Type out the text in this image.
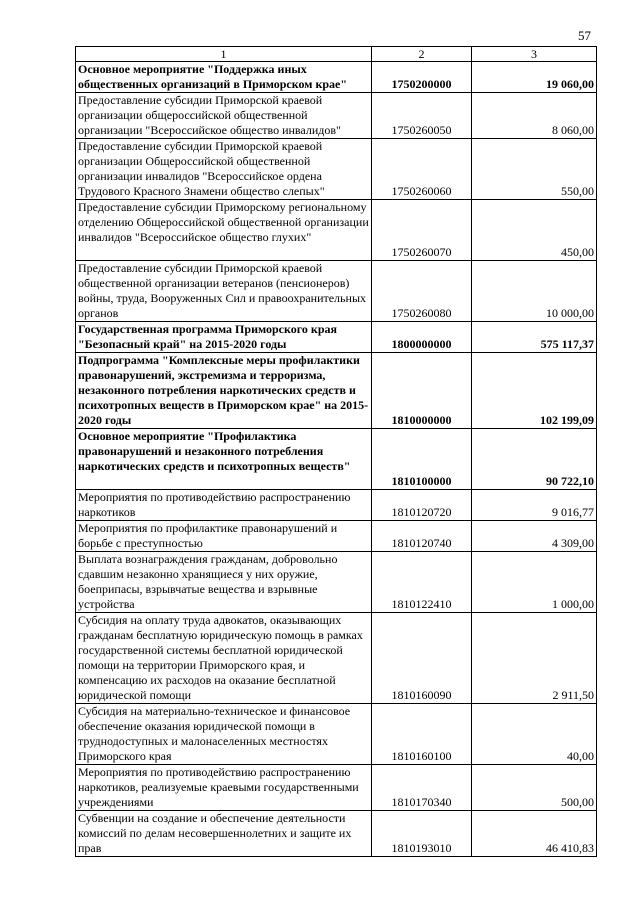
57
1	2	3
Основное мероприятие "Поддержка иных общественных организаций в Приморском крае"	1750200000	19 060,00
Предоставление субсидии Приморской краевой организации общероссийской общественной организации "Всероссийское общество инвалидов"	1750260050	8 060,00
Предоставление субсидии Приморской краевой организации Общероссийской общественной организации инвалидов "Всероссийское ордена Трудового Красного Знамени общество слепых"	1750260060	550,00
Предоставление субсидии Приморскому региональному отделению Общероссийской общественной организации инвалидов "Всероссийское общество глухих"	1750260070	450,00
Предоставление субсидии Приморской краевой общественной организации ветеранов (пенсионеров) войны, труда, Вооруженных Сил и правоохранительных органов	1750260080	10 000,00
Государственная программа Приморского края "Безопасный край" на 2015-2020 годы	1800000000	575 117,37
Подпрограмма "Комплексные меры профилактики правонарушений, экстремизма и терроризма, незаконного потребления наркотических средств и психотропных веществ в Приморском крае" на 2015-2020 годы	1810000000	102 199,09
Основное мероприятие "Профилактика правонарушений и незаконного потребления наркотических средств и психотропных веществ"	1810100000	90 722,10
Мероприятия по противодействию распространению наркотиков	1810120720	9 016,77
Мероприятия по профилактике правонарушений и борьбе с преступностью	1810120740	4 309,00
Выплата вознаграждения гражданам, добровольно сдавшим незаконно хранящиеся у них оружие, боеприпасы, взрывчатые вещества и взрывные устройства	1810122410	1 000,00
Субсидия на оплату труда адвокатов, оказывающих гражданам бесплатную юридическую помощь в рамках государственной системы бесплатной юридической помощи на территории Приморского края, и компенсацию их расходов на оказание бесплатной юридической помощи	1810160090	2 911,50
Субсидия на материально-техническое и финансовое обеспечение оказания юридической помощи в труднодоступных и малонаселенных местностях Приморского края	1810160100	40,00
Мероприятия по противодействию распространению наркотиков, реализуемые краевыми государственными учреждениями	1810170340	500,00
Субвенции на создание и обеспечение деятельности комиссий по делам несовершеннолетних и защите их прав	1810193010	46 410,83
